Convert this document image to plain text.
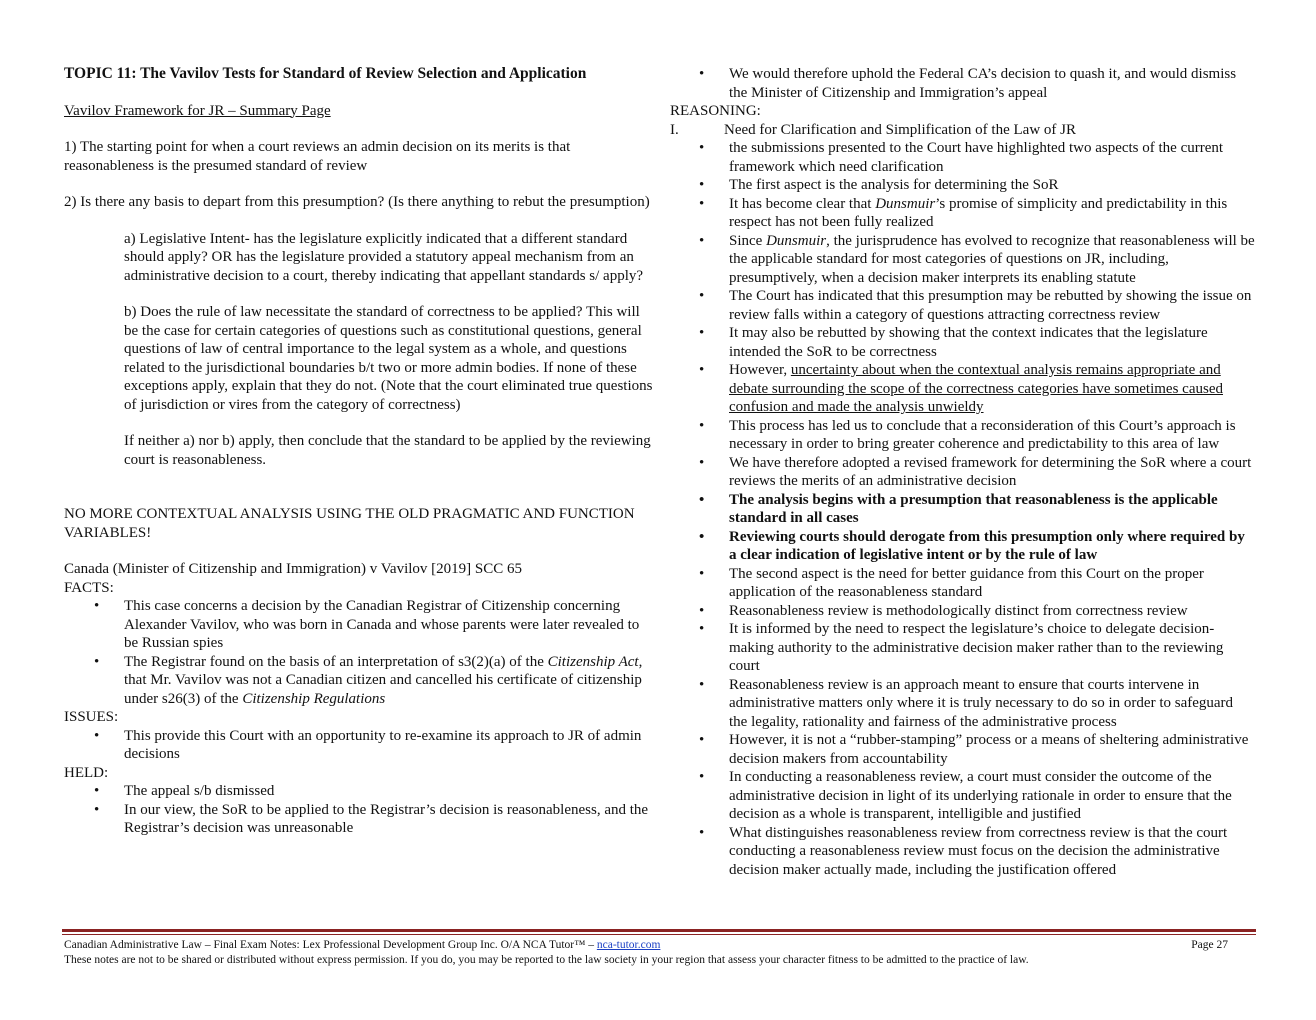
TOPIC 11: The Vavilov Tests for Standard of Review Selection and Application

Vavilov Framework for JR – Summary Page

1) The starting point for when a court reviews an admin decision on its merits is that reasonableness is the presumed standard of review

2) Is there any basis to depart from this presumption? (Is there anything to rebut the presumption)

a) Legislative Intent- has the legislature explicitly indicated that a different standard should apply? OR has the legislature provided a statutory appeal mechanism from an administrative decision to a court, thereby indicating that appellant standards s/ apply?

b) Does the rule of law necessitate the standard of correctness to be applied? This will be the case for certain categories of questions such as constitutional questions, general questions of law of central importance to the legal system as a whole, and questions related to the jurisdictional boundaries b/t two or more admin bodies. If none of these exceptions apply, explain that they do not. (Note that the court eliminated true questions of jurisdiction or vires from the category of correctness)

If neither a) nor b) apply, then conclude that the standard to be applied by the reviewing court is reasonableness.

NO MORE CONTEXTUAL ANALYSIS USING THE OLD PRAGMATIC AND FUNCTION VARIABLES!

Canada (Minister of Citizenship and Immigration) v Vavilov [2019] SCC 65

FACTS:

• This case concerns a decision by the Canadian Registrar of Citizenship concerning Alexander Vavilov, who was born in Canada and whose parents were later revealed to be Russian spies
• The Registrar found on the basis of an interpretation of s3(2)(a) of the Citizenship Act, that Mr. Vavilov was not a Canadian citizen and cancelled his certificate of citizenship under s26(3) of the Citizenship Regulations

ISSUES:

• This provide this Court with an opportunity to re-examine its approach to JR of admin decisions

HELD:

• The appeal s/b dismissed
• In our view, the SoR to be applied to the Registrar’s decision is reasonableness, and the Registrar’s decision was unreasonable
• We would therefore uphold the Federal CA’s decision to quash it, and would dismiss the Minister of Citizenship and Immigration’s appeal

REASONING:

I.	Need for Clarification and Simplification of the Law of JR
• the submissions presented to the Court have highlighted two aspects of the current framework which need clarification
• The first aspect is the analysis for determining the SoR
• It has become clear that Dunsmuir’s promise of simplicity and predictability in this respect has not been fully realized
• Since Dunsmuir, the jurisprudence has evolved to recognize that reasonableness will be the applicable standard for most categories of questions on JR, including, presumptively, when a decision maker interprets its enabling statute
• The Court has indicated that this presumption may be rebutted by showing the issue on review falls within a category of questions attracting correctness review
• It may also be rebutted by showing that the context indicates that the legislature intended the SoR to be correctness
• However, uncertainty about when the contextual analysis remains appropriate and debate surrounding the scope of the correctness categories have sometimes caused confusion and made the analysis unwieldy
• This process has led us to conclude that a reconsideration of this Court’s approach is necessary in order to bring greater coherence and predictability to this area of law
• We have therefore adopted a revised framework for determining the SoR where a court reviews the merits of an administrative decision
• The analysis begins with a presumption that reasonableness is the applicable standard in all cases
• Reviewing courts should derogate from this presumption only where required by a clear indication of legislative intent or by the rule of law
• The second aspect is the need for better guidance from this Court on the proper application of the reasonableness standard
• Reasonableness review is methodologically distinct from correctness review
• It is informed by the need to respect the legislature’s choice to delegate decision-making authority to the administrative decision maker rather than to the reviewing court
• Reasonableness review is an approach meant to ensure that courts intervene in administrative matters only where it is truly necessary to do so in order to safeguard the legality, rationality and fairness of the administrative process
• However, it is not a “rubber-stamping” process or a means of sheltering administrative decision makers from accountability
• In conducting a reasonableness review, a court must consider the outcome of the administrative decision in light of its underlying rationale in order to ensure that the decision as a whole is transparent, intelligible and justified
• What distinguishes reasonableness review from correctness review is that the court conducting a reasonableness review must focus on the decision the administrative decision maker actually made, including the justification offered
Canadian Administrative Law – Final Exam Notes: Lex Professional Development Group Inc. O/A NCA Tutor™ – nca-tutor.com	Page 27
These notes are not to be shared or distributed without express permission. If you do, you may be reported to the law society in your region that assess your character fitness to be admitted to the practice of law.
